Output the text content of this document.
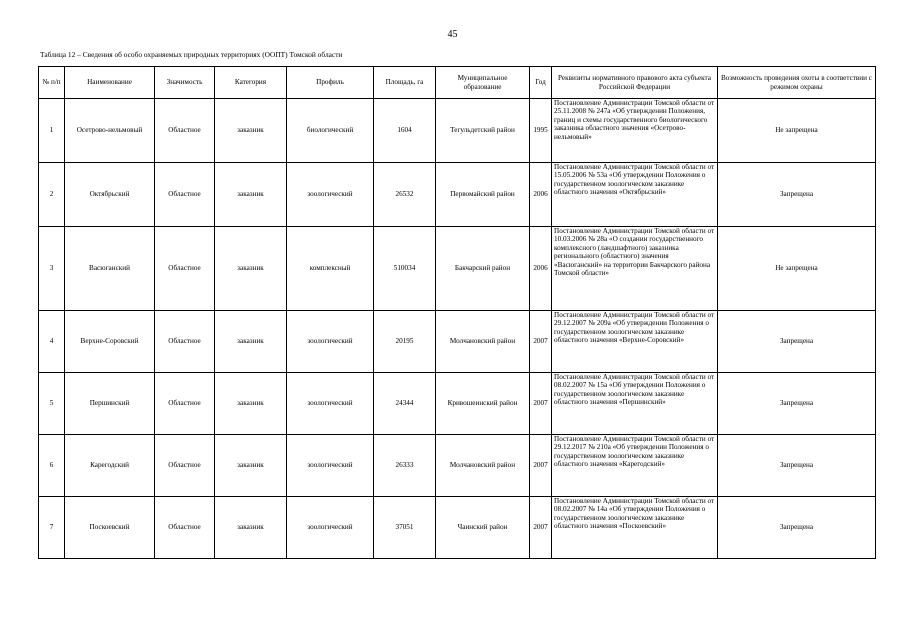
45
Таблица 12 – Сведения об особо охраняемых природных территориях (ООПТ) Томской области
№ п/п	Наименование	Значимость	Категория	Профиль	Площадь, га	Муниципальное образование	Год	Реквизиты нормативного правового акта субъекта Российской Федерации	Возможность проведения охоты в соответствии с режимом охраны
1	Осетрово-нельмовый	Областное	заказник	биологический	1604	Тегульдетский район	1995	Постановление Администрации Томской области от 25.11.2008 № 247а «Об утверждении Положения, границ и схемы государственного биологического заказника областного значения «Осетрово-нельмовый»	Не запрещена
2	Октябрьский	Областное	заказник	зоологический	26532	Первомайский район	2006	Постановление Администрации Томской области от 15.05.2006 № 53а «Об утверждении Положения о государственном зоологическом заказнике областного значения «Октябрьский»	Запрещена
3	Васюганский	Областное	заказник	комплексный	510034	Бакчарский район	2006	Постановление Администрации Томской области от 10.03.2006 № 28а «О создании государственного комплексного (ландшафтного) заказника регионального (областного) значения «Васюганский» на территории Бакчарского района Томской области»	Не запрещена
4	Верхне-Соровский	Областное	заказник	зоологический	20195	Молчановский район	2007	Постановление Администрации Томской области от 29.12.2007 № 209а «Об утверждении Положения о государственном зоологическом заказнике областного значения «Верхне-Соровский»	Запрещена
5	Першинский	Областное	заказник	зоологический	24344	Кривошеинский район	2007	Постановление Администрации Томской области от 08.02.2007 № 15а «Об утверждении Положения о государственном зоологическом заказнике областного значения «Першинский»	Запрещена
6	Карегодский	Областное	заказник	зоологический	26333	Молчановский район	2007	Постановление Администрации Томской области от 29.12.2017 № 210а «Об утверждении Положения о государственном зоологическом заказнике областного значения «Карегодский»	Запрещена
7	Поскоевский	Областное	заказник	зоологический	37051	Чаинский район	2007	Постановление Администрации Томской области от 08.02.2007 № 14а «Об утверждении Положения о государственном зоологическом заказнике областного значения «Поскоевский»	Запрещена
